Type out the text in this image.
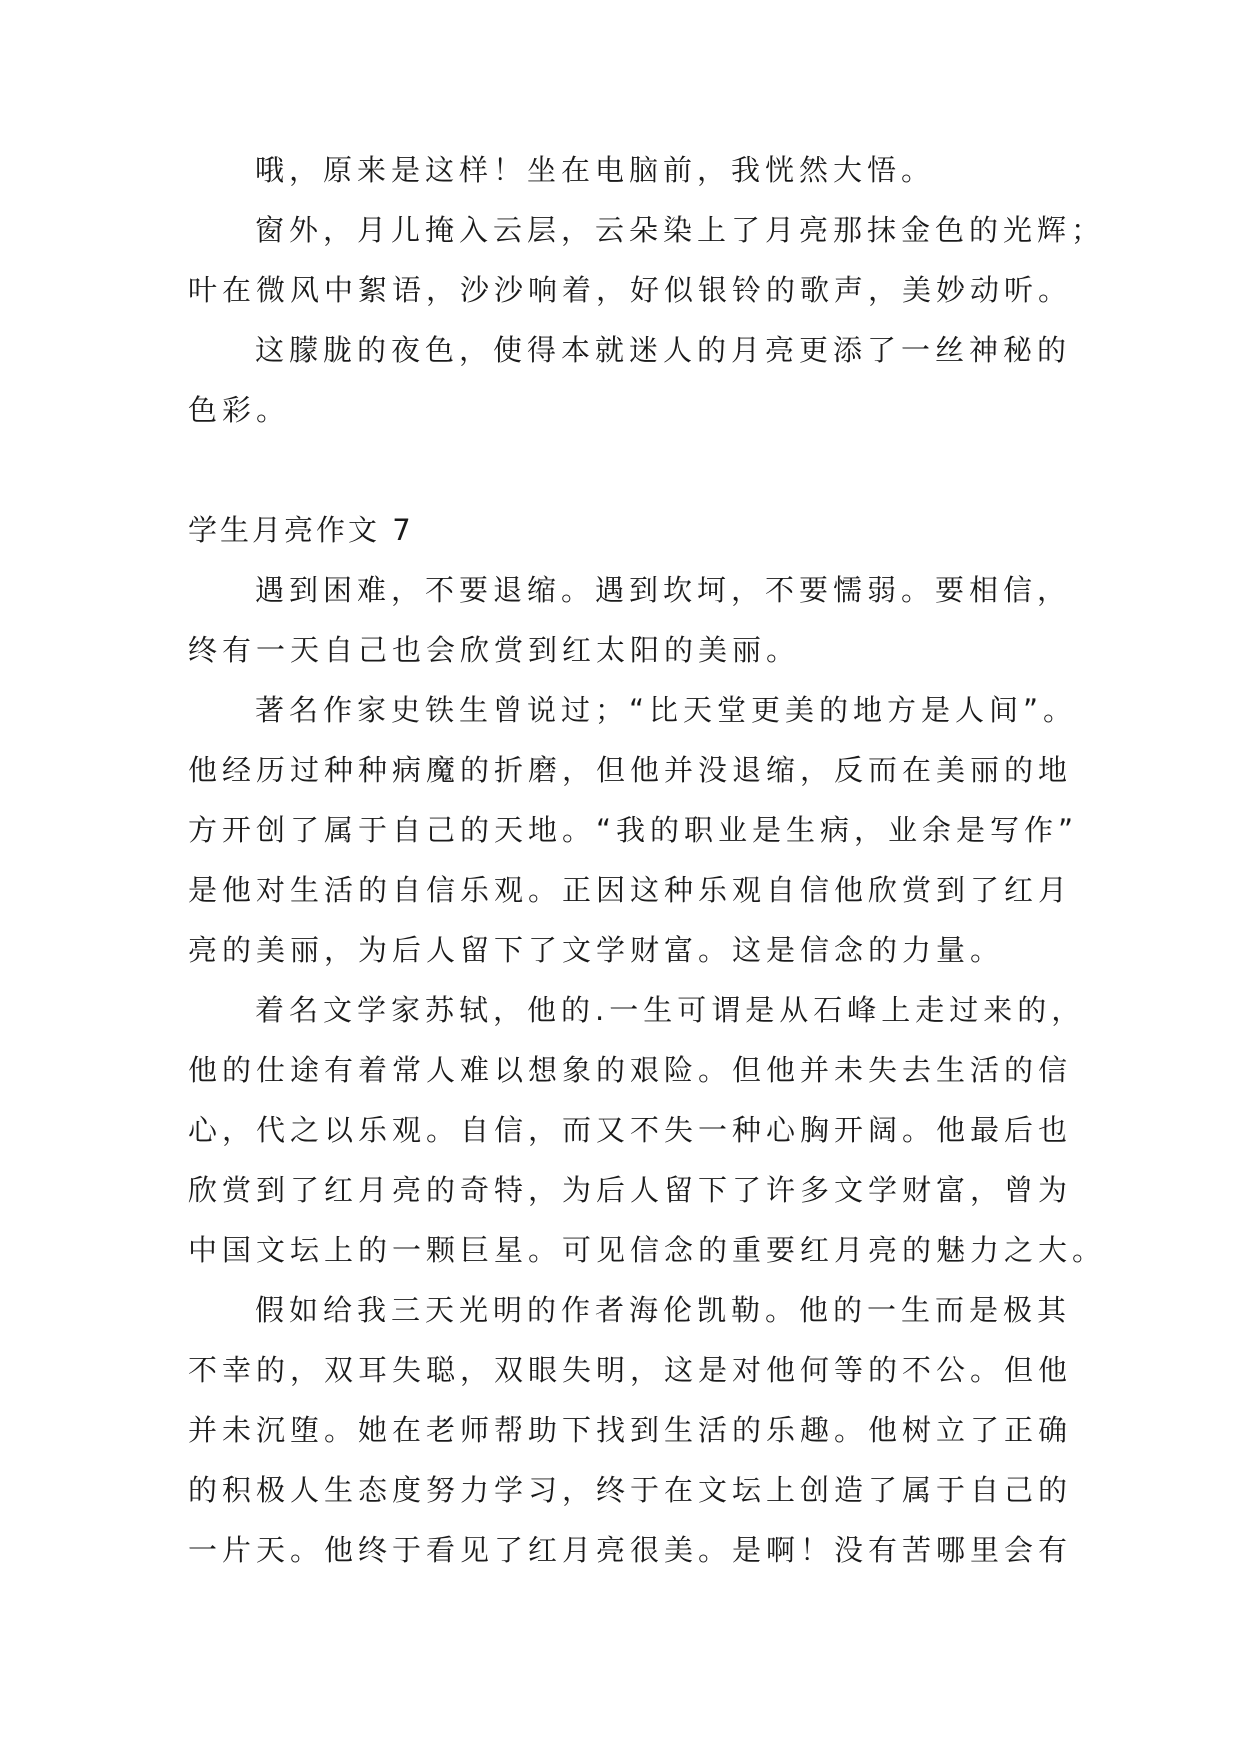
哦，原来是这样！坐在电脑前，我恍然大悟。
窗外，月儿掩入云层，云朵染上了月亮那抹金色的光辉；
叶在微风中絮语，沙沙响着，好似银铃的歌声，美妙动听。
这朦胧的夜色，使得本就迷人的月亮更添了一丝神秘的
色彩。
学生月亮作文 7
遇到困难，不要退缩。遇到坎坷，不要懦弱。要相信，
终有一天自己也会欣赏到红太阳的美丽。
著名作家史铁生曾说过；“比天堂更美的地方是人间”。
他经历过种种病魔的折磨，但他并没退缩，反而在美丽的地
方开创了属于自己的天地。“我的职业是生病，业余是写作”
是他对生活的自信乐观。正因这种乐观自信他欣赏到了红月
亮的美丽，为后人留下了文学财富。这是信念的力量。
着名文学家苏轼，他的.一生可谓是从石峰上走过来的，
他的仕途有着常人难以想象的艰险。但他并未失去生活的信
心，代之以乐观。自信，而又不失一种心胸开阔。他最后也
欣赏到了红月亮的奇特，为后人留下了许多文学财富，曾为
中国文坛上的一颗巨星。可见信念的重要红月亮的魅力之大。
假如给我三天光明的作者海伦凯勒。他的一生而是极其
不幸的，双耳失聪，双眼失明，这是对他何等的不公。但他
并未沉堕。她在老师帮助下找到生活的乐趣。他树立了正确
的积极人生态度努力学习，终于在文坛上创造了属于自己的
一片天。他终于看见了红月亮很美。是啊！没有苦哪里会有
